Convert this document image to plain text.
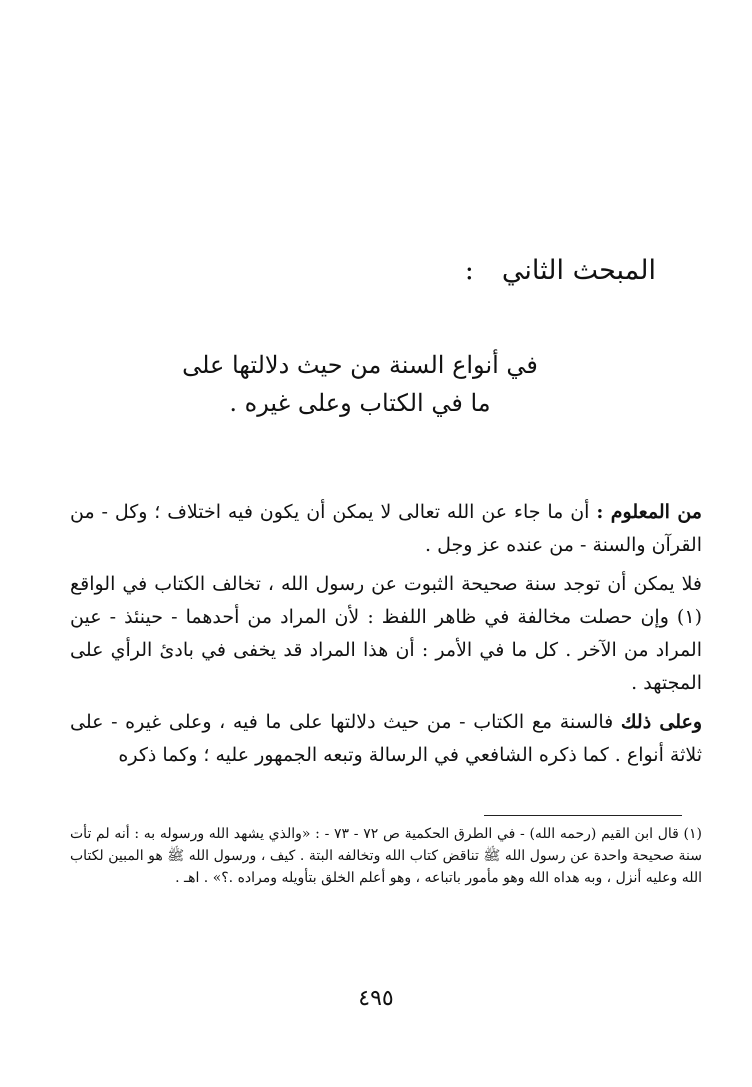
المبحث الثاني:
في أنواع السنة من حيث دلالتها على
ما في الكتاب وعلى غيره .

من المعلوم : أن ما جاء عن الله تعالى لا يمكن أن يكون فيه اختلاف ؛ وكل - من القرآن والسنة - من عنده عز وجل .

فلا يمكن أن توجد سنة صحيحة الثبوت عن رسول الله ، تخالف الكتاب في الواقع (١) وإن حصلت مخالفة في ظاهر اللفظ : لأن المراد من أحدهما - حينئذ - عين المراد من الآخر . كل ما في الأمر : أن هذا المراد قد يخفى في بادئ الرأي على المجتهد .

وعلى ذلك فالسنة مع الكتاب - من حيث دلالتها على ما فيه ، وعلى غيره - على ثلاثة أنواع . كما ذكره الشافعي في الرسالة وتبعه الجمهور عليه ؛ وكما ذكره

(١) قال ابن القيم (رحمه الله) - في الطرق الحكمية ص ٧٢ - ٧٣ - : «والذي يشهد الله ورسوله به : أنه لم تأت سنة صحيحة واحدة عن رسول الله ﷺ تناقض كتاب الله وتخالفه البتة . كيف ، ورسول الله ﷺ هو المبين لكتاب الله وعليه أنزل ، وبه هداه الله وهو مأمور باتباعه ، وهو أعلم الخلق بتأويله ومراده .؟» . اهـ .
٤٩٥
